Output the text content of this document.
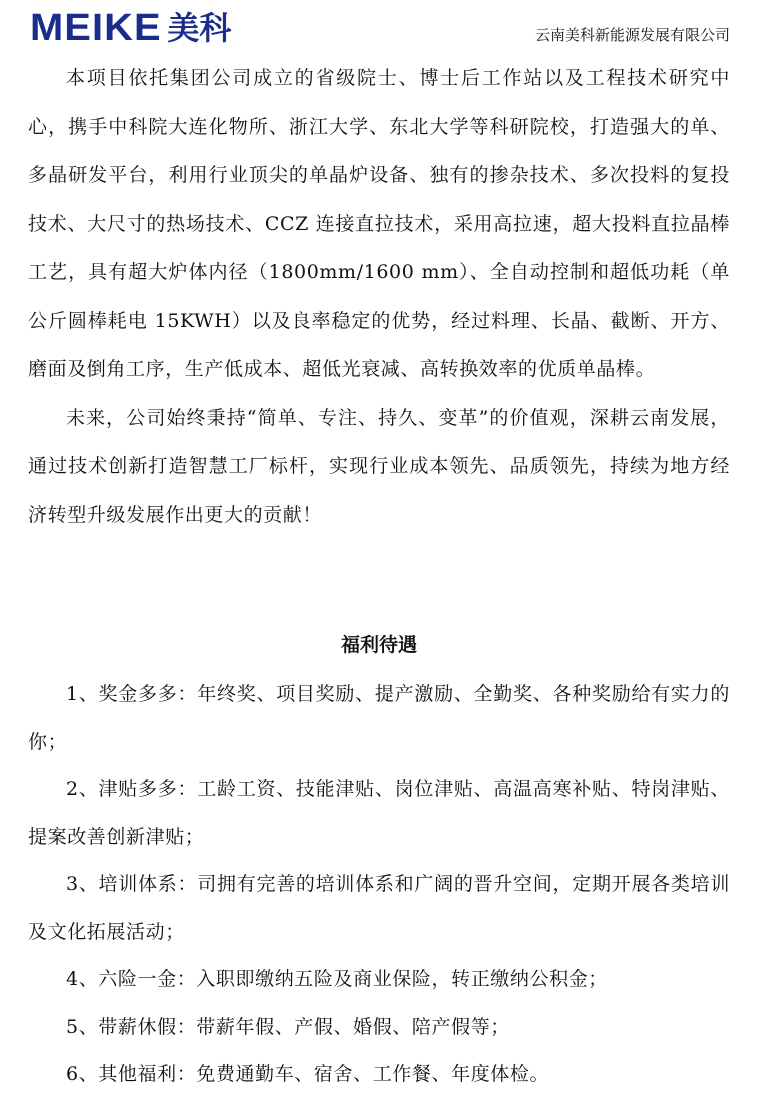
MEIKE 美科	云南美科新能源发展有限公司

本项目依托集团公司成立的省级院士、博士后工作站以及工程技术研究中心，携手中科院大连化物所、浙江大学、东北大学等科研院校，打造强大的单、多晶研发平台，利用行业顶尖的单晶炉设备、独有的掺杂技术、多次投料的复投技术、大尺寸的热场技术、CCZ 连接直拉技术，采用高拉速，超大投料直拉晶棒工艺，具有超大炉体内径（1800mm/1600 mm）、全自动控制和超低功耗（单公斤圆棒耗电 15KWH）以及良率稳定的优势，经过料理、长晶、截断、开方、磨面及倒角工序，生产低成本、超低光衰减、高转换效率的优质单晶棒。

未来，公司始终秉持“简单、专注、持久、变革”的价值观，深耕云南发展，通过技术创新打造智慧工厂标杆，实现行业成本领先、品质领先，持续为地方经济转型升级发展作出更大的贡献！

福利待遇

1、奖金多多：年终奖、项目奖励、提产激励、全勤奖、各种奖励给有实力的你；

2、津贴多多：工龄工资、技能津贴、岗位津贴、高温高寒补贴、特岗津贴、提案改善创新津贴；

3、培训体系：司拥有完善的培训体系和广阔的晋升空间，定期开展各类培训及文化拓展活动；

4、六险一金：入职即缴纳五险及商业保险，转正缴纳公积金；

5、带薪休假：带薪年假、产假、婚假、陪产假等；

6、其他福利：免费通勤车、宿舍、工作餐、年度体检。
